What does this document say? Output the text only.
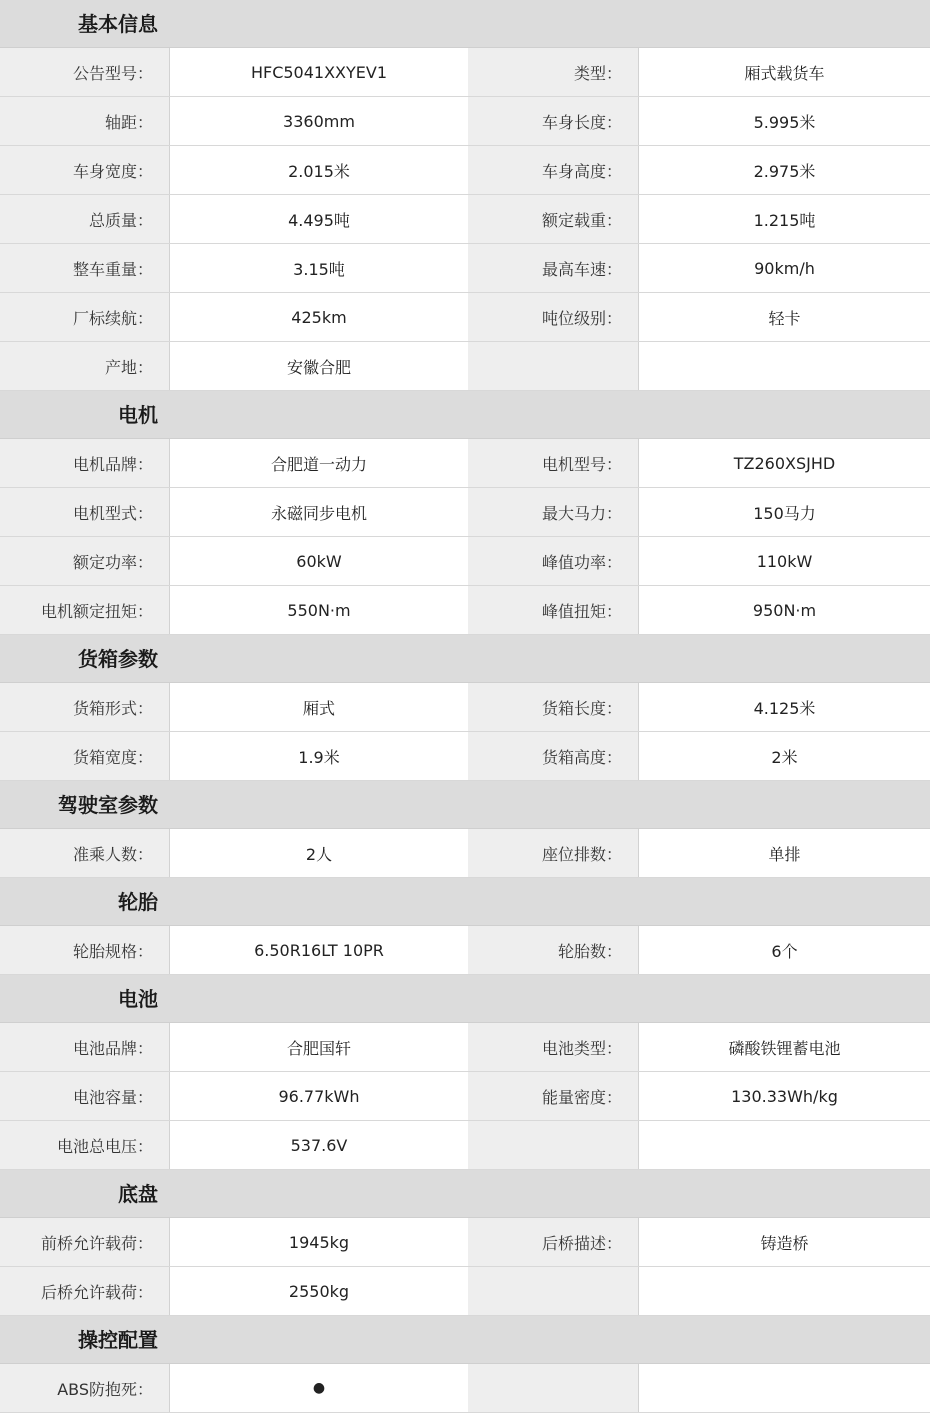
基本信息
公告型号：	HFC5041XXYEV1	类型：	厢式载货车
轴距：	3360mm	车身长度：	5.995米
车身宽度：	2.015米	车身高度：	2.975米
总质量：	4.495吨	额定载重：	1.215吨
整车重量：	3.15吨	最高车速：	90km/h
厂标续航：	425km	吨位级别：	轻卡
产地：	安徽合肥
电机
电机品牌：	合肥道一动力	电机型号：	TZ260XSJHD
电机型式：	永磁同步电机	最大马力：	150马力
额定功率：	60kW	峰值功率：	110kW
电机额定扭矩：	550N·m	峰值扭矩：	950N·m
货箱参数
货箱形式：	厢式	货箱长度：	4.125米
货箱宽度：	1.9米	货箱高度：	2米
驾驶室参数
准乘人数：	2人	座位排数：	单排
轮胎
轮胎规格：	6.50R16LT 10PR	轮胎数：	6个
电池
电池品牌：	合肥国轩	电池类型：	磷酸铁锂蓄电池
电池容量：	96.77kWh	能量密度：	130.33Wh/kg
电池总电压：	537.6V
底盘
前桥允许载荷：	1945kg	后桥描述：	铸造桥
后桥允许载荷：	2550kg
操控配置
ABS防抱死：	●
